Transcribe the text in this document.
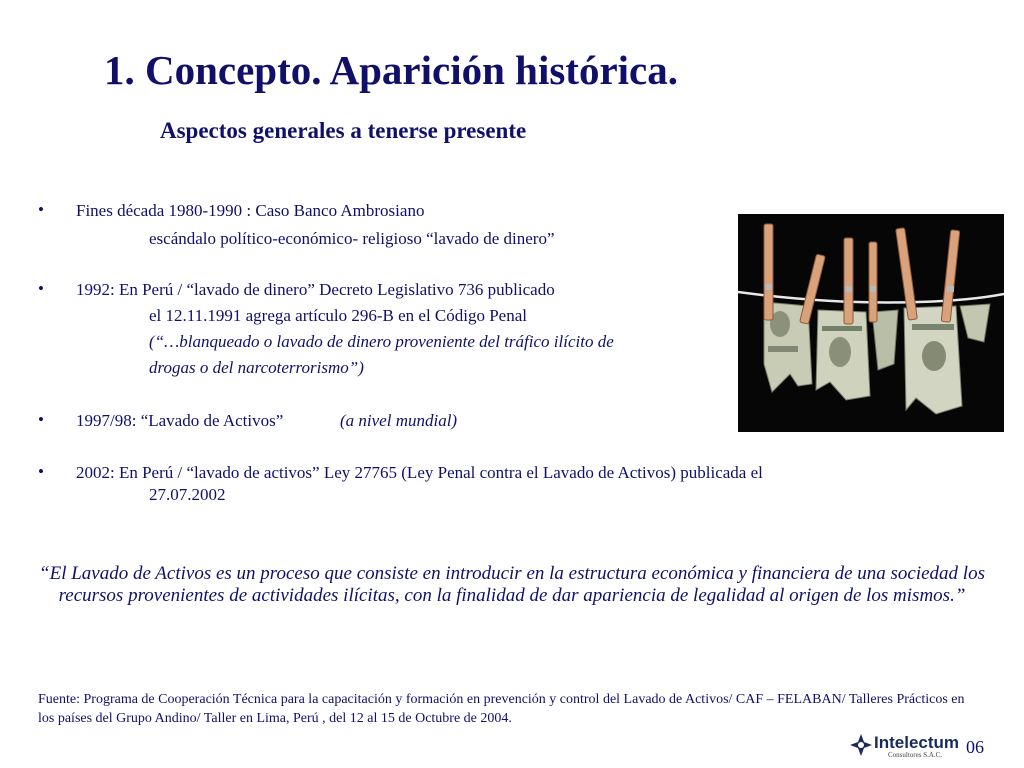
1. Concepto. Aparición histórica.
Aspectos generales a tenerse presente
• Fines década 1980-1990 : Caso Banco Ambrosiano
escándalo político-económico- religioso “lavado de dinero”
• 1992: En Perú / “lavado de dinero” Decreto Legislativo 736 publicado
el 12.11.1991 agrega artículo 296-B en el Código Penal
(“…blanqueado o lavado de dinero proveniente del tráfico ilícito de
drogas o del narcoterrorismo”)
• 1997/98: “Lavado de Activos”	(a nivel mundial)
• 2002: En Perú / “lavado de activos” Ley 27765 (Ley Penal contra el Lavado de Activos) publicada el
27.07.2002
“El Lavado de Activos es un proceso que consiste en introducir en la estructura económica y financiera de una sociedad los recursos provenientes de actividades ilícitas, con la finalidad de dar apariencia de legalidad al origen de los mismos.”
Fuente: Programa de Cooperación Técnica para la capacitación y formación en prevención y control del Lavado de Activos/ CAF – FELABAN/ Talleres Prácticos en los países del Grupo Andino/ Taller en Lima, Perú , del 12 al 15 de Octubre de 2004.
Intelectum
Consultores S.A.C. 06
